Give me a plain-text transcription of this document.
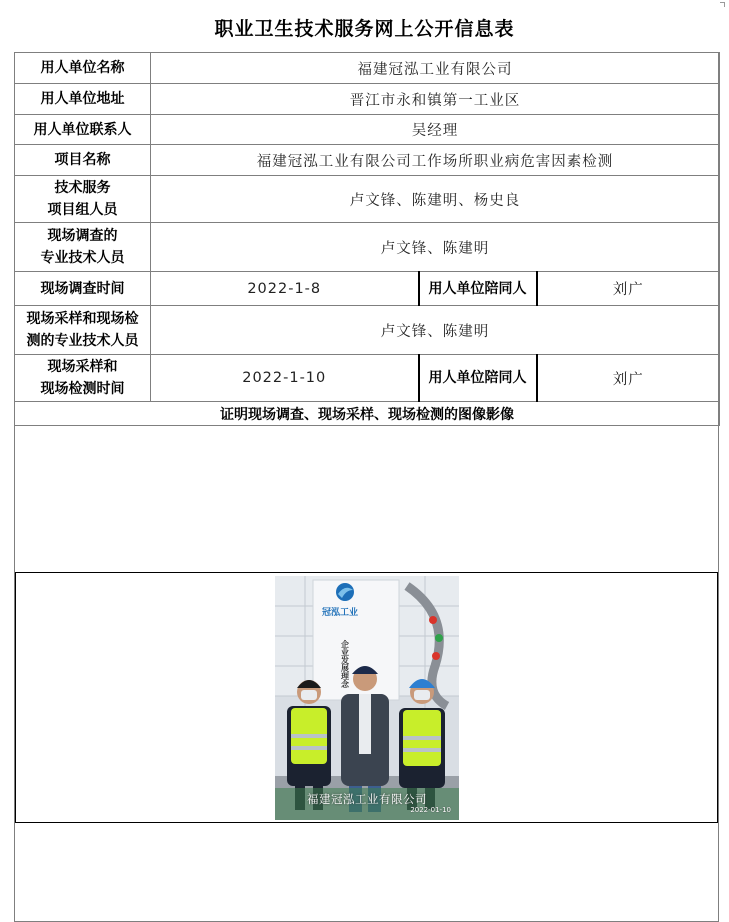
职业卫生技术服务网上公开信息表
用人单位名称	福建冠泓工业有限公司		
用人单位地址	晋江市永和镇第一工业区		
用人单位联系人	吴经理		
项目名称	福建冠泓工业有限公司工作场所职业病危害因素检测		

技术服务
项目组人员	卢文锋、陈建明、杨史良		

现场调查的
专业技术人员	卢文锋、陈建明		
现场调查时间	2022-1-8	用人单位陪同人	刘广

现场采样和现场检
测的专业技术人员	卢文锋、陈建明		

现场采样和
现场检测时间	2022-1-10	用人单位陪同人	刘广
证明现场调查、现场采样、现场检测的图像影像			
冠泓工业
企业发展理念
福建冠泓工业有限公司
2022-01-10
